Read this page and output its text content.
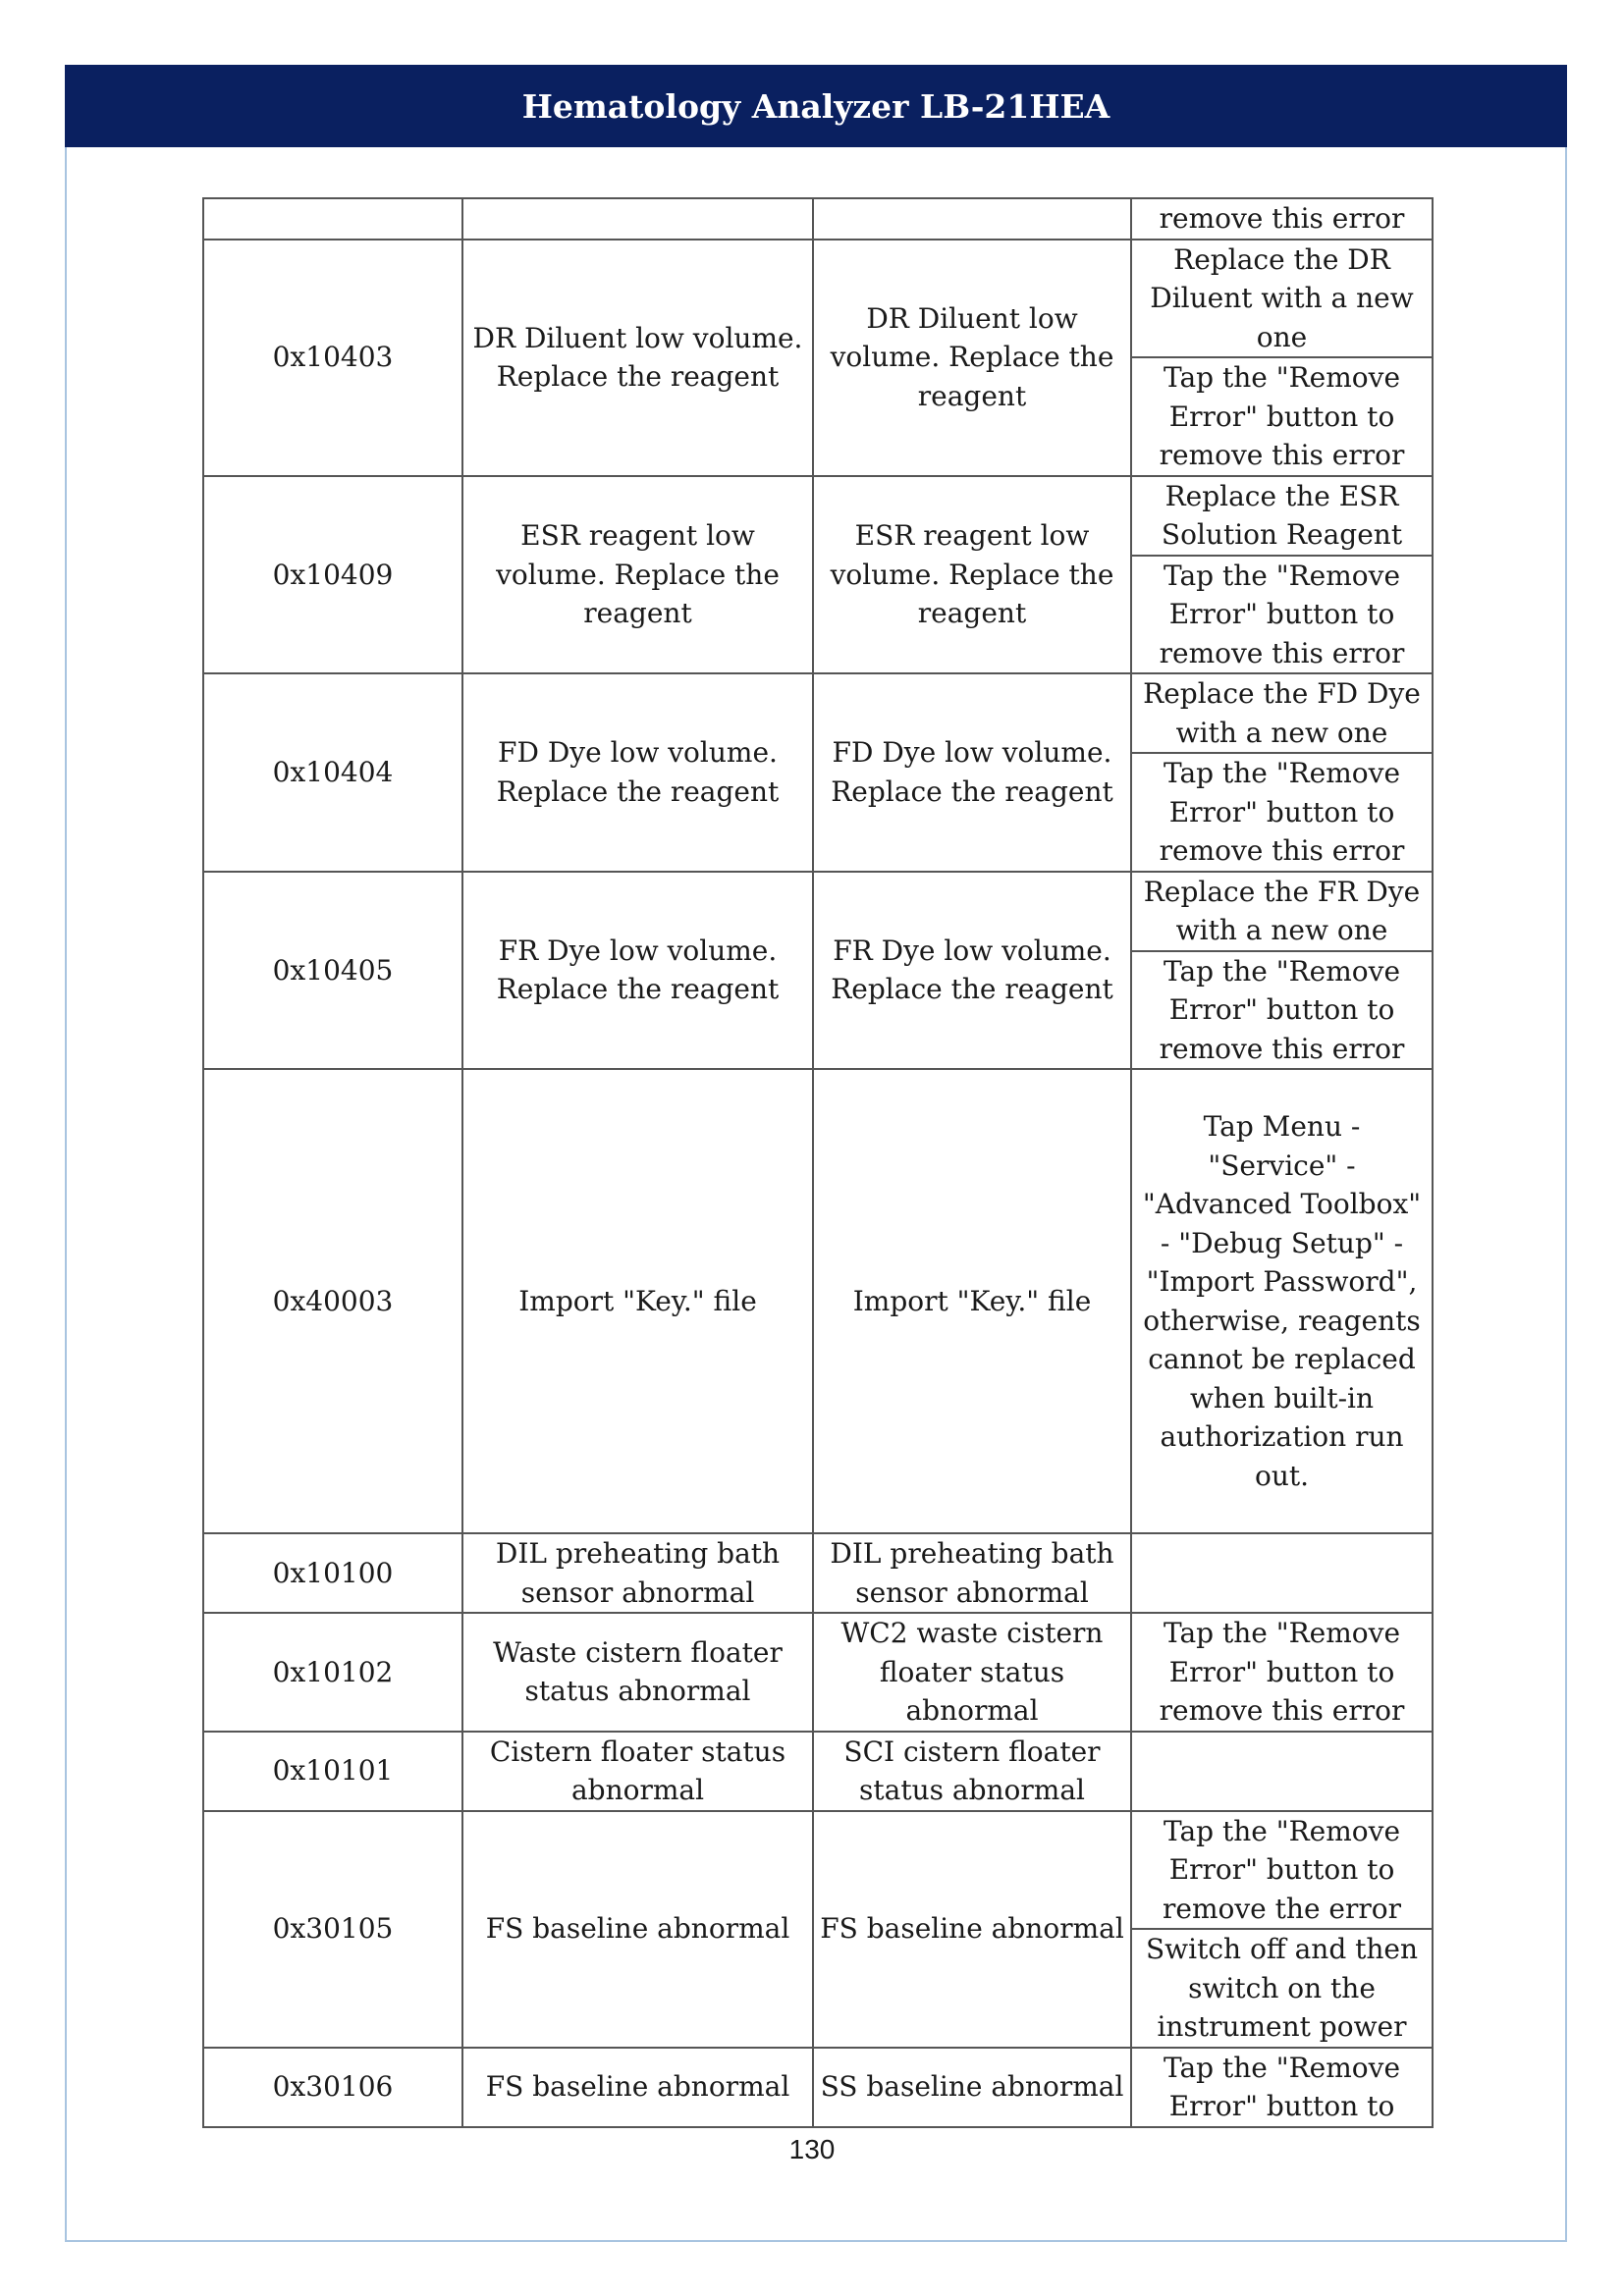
Hematology Analyzer LB-21HEA
			remove this error
0x10403	DR Diluent low volume. Replace the reagent	DR Diluent low volume. Replace the reagent	Replace the DR Diluent with a new one
			Tap the "Remove Error" button to remove this error
0x10409	ESR reagent low volume. Replace the reagent	ESR reagent low volume. Replace the reagent	Replace the ESR Solution Reagent
			Tap the "Remove Error" button to remove this error
0x10404	FD Dye low volume. Replace the reagent	FD Dye low volume. Replace the reagent	Replace the FD Dye with a new one
			Tap the "Remove Error" button to remove this error
0x10405	FR Dye low volume. Replace the reagent	FR Dye low volume. Replace the reagent	Replace the FR Dye with a new one
			Tap the "Remove Error" button to remove this error
0x40003	Import "Key." file	Import "Key." file	Tap Menu - "Service" - "Advanced Toolbox" - "Debug Setup" - "Import Password", otherwise, reagents cannot be replaced when built-in authorization run out.
0x10100	DIL preheating bath sensor abnormal	DIL preheating bath sensor abnormal	
0x10102	Waste cistern floater status abnormal	WC2 waste cistern floater status abnormal	Tap the "Remove Error" button to remove this error
0x10101	Cistern floater status abnormal	SCI cistern floater status abnormal	
0x30105	FS baseline abnormal	FS baseline abnormal	Tap the "Remove Error" button to remove the error
			Switch off and then switch on the instrument power
0x30106	FS baseline abnormal	SS baseline abnormal	Tap the "Remove Error" button to
130
